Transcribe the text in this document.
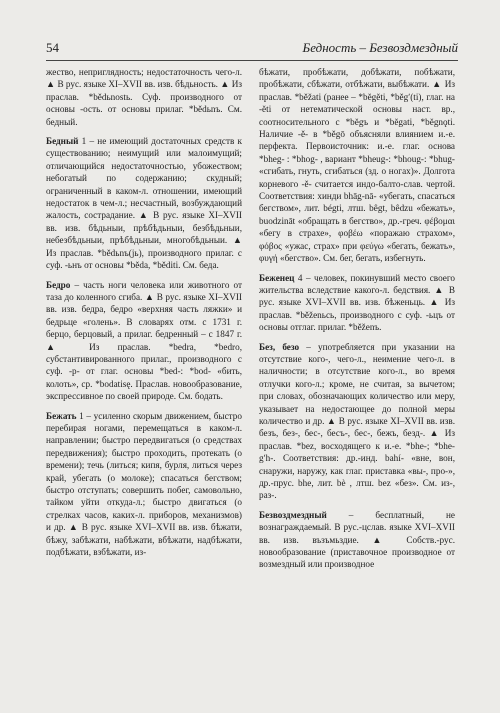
54	Бедность – Безвоздмездный

жество, неприглядность; недостаточность чего-л. ▲ В рус. языке XI–XVII вв. изв. бѣдьность. ▲ Из праслав. *bědьnostь. Суф. производного от основы -ость. от основы прилаг. *bědьnъ. См. бедный.

Бедный 1 – не имеющий достаточных средств к существованию; неимущий или малоимущий; отличающийся недостаточностью, убожеством; небогатый по содержанию; скудный; ограниченный в каком-л. отношении, имеющий недостаток в чем-л.; несчастный, возбуждающий жалость, сострадание. ▲ В рус. языке XI–XVII вв. изв. бѣдьныи, прѣбѣдьныи, безбѣдьныи, небезбѣдьныи, прѣбѣдьныи, многобѣдьныи. ▲ Из праслав. *bědьnъ(jь), производного прилаг. с суф. -ьнъ от основы *běda, *běditi. См. беда.

Бедро – часть ноги человека или животного от таза до коленного сгиба. ▲ В рус. языке XI–XVII вв. изв. бедра, бедро «верхняя часть ляжки» и бедрьце «голень». В словарях отм. с 1731 г. берцо, берцовый, а прилаг. бедренный – с 1847 г. ▲ Из праслав. *bedra, *bedro, субстантивированного прилаг., производного с суф. -р- от глаг. основы *bed-: *bod- «бить, колоть», ср. *bodatisę. Праслав. новообразование, экспрессивное по своей природе. См. бодать.

Бежать 1 – усиленно скорым движением, быстро перебирая ногами, перемещаться в каком-л. направлении; быстро передвигаться (о средствах передвижения); быстро проходить, протекать (о времени); течь (литься; кипя, бурля, литься через край, убегать (о молоке); спасаться бегством; быстро отступать; совершить побег, самовольно, тайком уйти откуда-л.; быстро двигаться (о стрелках часов, каких-л. приборов, механизмов) и др. ▲ В рус. языке XVI–XVII вв. изв. бѣжати, бѣжу, забѣжати, набѣжати, вбѣжати, надбѣжати, подбѣжати, взбѣжати, из-

бѣжати, пробѣжати, добѣжати, побѣжати, пробѣжати, сбѣжати, отбѣжати, выбѣжати. ▲ Из праслав. *běžati (ранее – *bĕgĕti, *běgʹ(ti), глаг. на -ĕti от нетематической основы наст. вр., соотносительного с *bĕgъ и *bĕgati, *bĕgnǫti. Наличие -ě- в *běgō объясняли влиянием и.-е. перфекта. Первоисточник: и.-е. глаг. основа *bheg- : *bhog- , вариант *bheug-: *bhoug-: *bhug- «сгибать, гнуть, сгибаться (зд. о ногах)». Долгота корневого -ě- считается индо-балто-слав. чертой. Соответствия: хинди bhāg-nā- «убегать, спасаться бегством», лит. bégti, лтш. bêgt, bêdzu «бежать», buodzināt «обращать в бегство», др.-греч. φέβομαι «бегу в страхе», φοβέω «поражаю страхом», φόβος «ужас, страх» при φεύγω «бегать, бежать», φυγή «бегство». См. бег, бегать, избегнуть.

Беженец 4 – человек, покинувший место своего жительства вследствие какого-л. бедствия. ▲ В рус. языке XVI–XVII вв. изв. бѣженьць. ▲ Из праслав. *běženьcь, производного с суф. -ьцъ от основы отглаг. прилаг. *běženъ.

Без, безо – употребляется при указании на отсутствие кого-, чего-л., неимение чего-л. в наличности; в отсутствие кого-л., во время отлучки кого-л.; кроме, не считая, за вычетом; при словах, обозначающих количество или меру, указывает на недостающее до полной меры количество и др. ▲ В рус. языке XI–XVII вв. изв. безъ, без-, бес-, бесъ-, бес-, бежъ, безд-. ▲ Из праслав. *bez, восходящего к и.-е. *bhe-; *bhe-gʹh-. Соответствия: др.-инд. bahí- «вне, вон, снаружи, наружу, как глаг. приставка «вы-, про-», др.-прус. bhe, лит. bè , лтш. bez «без». См. из-, раз-.

Безвоздмездный – бесплатный, не вознаграждаемый. В рус.-цслав. языке XVI–XVII вв. изв. възъмьздие. ▲ Собств.-рус. новообразование (приставочное производное от возмездный или производное
